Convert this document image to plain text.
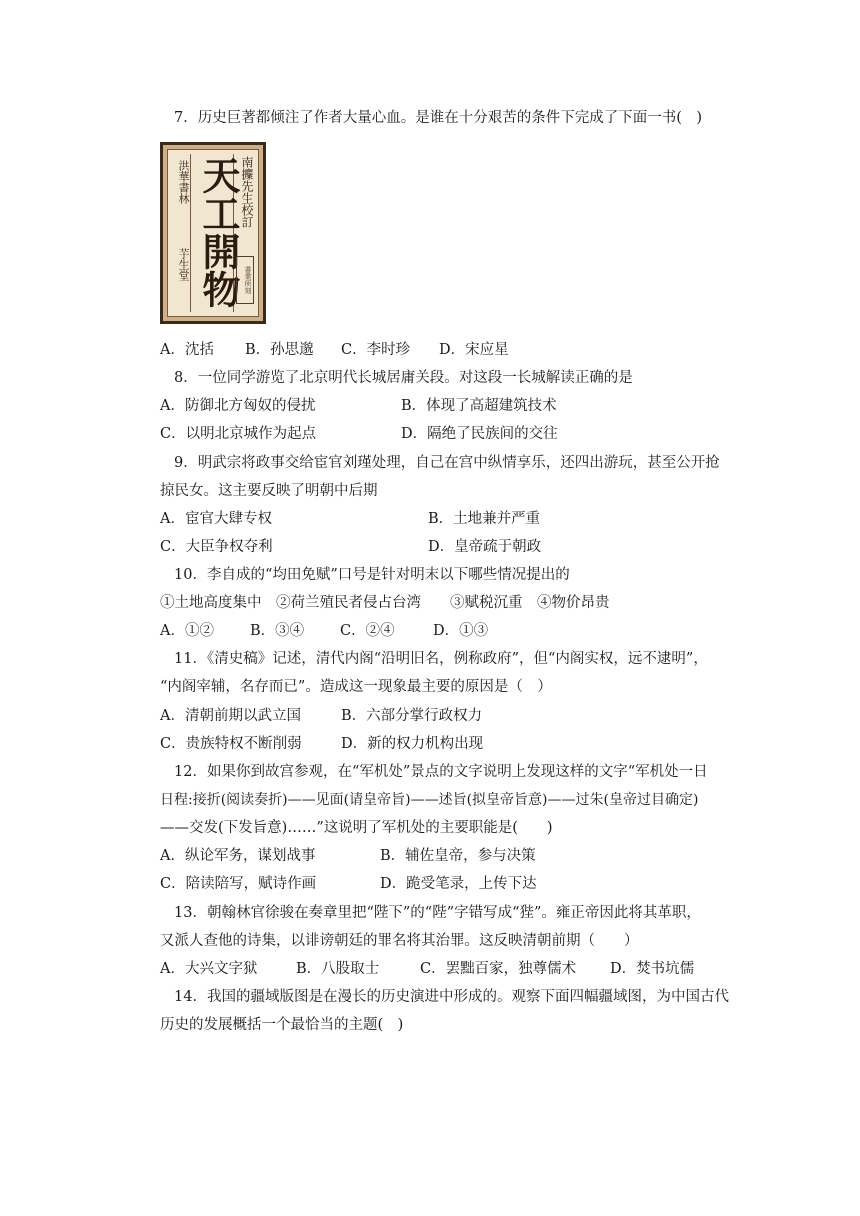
7．历史巨著都倾注了作者大量心血。是谁在十分艰苦的条件下完成了下面一书(　)
洪華書林
芋生堂 天工開物 南攈先生校訂
書業所刻
A．沈括 B．孙思邈 C．李时珍 D．宋应星
8．一位同学游览了北京明代长城居庸关段。对这段一长城解读正确的是
A．防御北方匈奴的侵扰	B．体现了高超建筑技术
C．以明北京城作为起点	D．隔绝了民族间的交往
9．明武宗将政事交给宦官刘瑾处理，自己在宫中纵情享乐，还四出游玩，甚至公开抢
掠民女。这主要反映了明朝中后期
A．宦官大肆专权	B．土地兼并严重
C．大臣争权夺利	D．皇帝疏于朝政
10．李自成的“均田免赋”口号是针对明末以下哪些情况提出的
①土地高度集中　②荷兰殖民者侵占台湾　　③赋税沉重　④物价昂贵
A．①② B．③④ C．②④	D．①③
11．《清史稿》记述，清代内阁“沿明旧名，例称政府”，但“内阁实权，远不逮明”，
“内阁宰辅，名存而已”。造成这一现象最主要的原因是（　）
A．清朝前期以武立国	B．六部分掌行政权力
C．贵族特权不断削弱	D．新的权力机构出现
12．如果你到故宫参观，在“军机处”景点的文字说明上发现这样的文字“军机处一日
日程:接折(阅读奏折)——见面(请皇帝旨)——述旨(拟皇帝旨意)——过朱(皇帝过目确定)
——交发(下发旨意)……”这说明了军机处的主要职能是(　　)
A．纵论军务，谋划战事	B．辅佐皇帝，参与决策
C．陪读陪写，赋诗作画	D．跪受笔录，上传下达
13．朝翰林官徐骏在奏章里把“陛下”的“陛”字错写成“狴”。雍正帝因此将其革职，
又派人查他的诗集，以诽谤朝廷的罪名将其治罪。这反映清朝前期（　　）
A．大兴文字狱	B．八股取士	C．罢黜百家，独尊儒术 D．焚书坑儒
14．我国的疆域版图是在漫长的历史演进中形成的。观察下面四幅疆域图，为中国古代
历史的发展概括一个最恰当的主题(　)
